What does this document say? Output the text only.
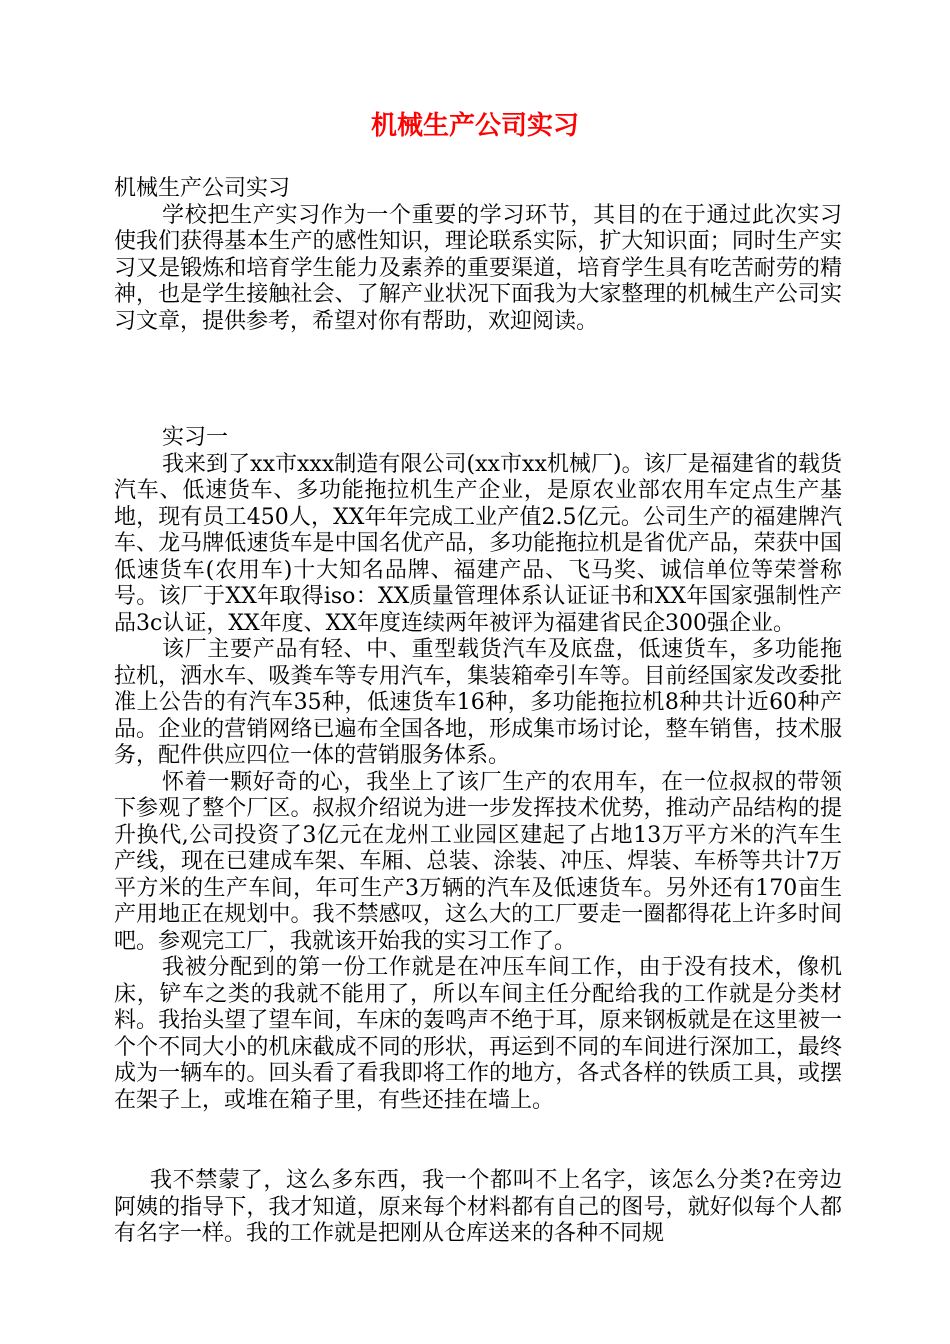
机械生产公司实习

机械生产公司实习

学校把生产实习作为一个重要的学习环节，其目的在于通过此次实习使我们获得基本生产的感性知识，理论联系实际，扩大知识面；同时生产实习又是锻炼和培育学生能力及素养的重要渠道，培育学生具有吃苦耐劳的精神，也是学生接触社会、了解产业状况下面我为大家整理的机械生产公司实习文章，提供参考，希望对你有帮助，欢迎阅读。

实习一

我来到了xx市xxx制造有限公司(xx市xx机械厂)。该厂是福建省的载货汽车、低速货车、多功能拖拉机生产企业，是原农业部农用车定点生产基地，现有员工450人，XX年年完成工业产值2.5亿元。公司生产的福建牌汽车、龙马牌低速货车是中国名优产品，多功能拖拉机是省优产品，荣获中国低速货车(农用车)十大知名品牌、福建产品、飞马奖、诚信单位等荣誉称号。该厂于XX年取得iso：XX质量管理体系认证证书和XX年国家强制性产品3c认证，XX年度、XX年度连续两年被评为福建省民企300强企业。

该厂主要产品有轻、中、重型载货汽车及底盘，低速货车，多功能拖拉机，洒水车、吸粪车等专用汽车，集装箱牵引车等。目前经国家发改委批准上公告的有汽车35种，低速货车16种，多功能拖拉机8种共计近60种产品。企业的营销网络已遍布全国各地，形成集市场讨论，整车销售，技术服务，配件供应四位一体的营销服务体系。

怀着一颗好奇的心，我坐上了该厂生产的农用车，在一位叔叔的带领下参观了整个厂区。叔叔介绍说为进一步发挥技术优势，推动产品结构的提升换代,公司投资了3亿元在龙州工业园区建起了占地13万平方米的汽车生产线，现在已建成车架、车厢、总装、涂装、冲压、焊装、车桥等共计7万平方米的生产车间，年可生产3万辆的汽车及低速货车。另外还有170亩生产用地正在规划中。我不禁感叹，这么大的工厂要走一圈都得花上许多时间吧。参观完工厂，我就该开始我的实习工作了。

我被分配到的第一份工作就是在冲压车间工作，由于没有技术，像机床，铲车之类的我就不能用了，所以车间主任分配给我的工作就是分类材料。我抬头望了望车间，车床的轰鸣声不绝于耳，原来钢板就是在这里被一个个不同大小的机床截成不同的形状，再运到不同的车间进行深加工，最终成为一辆车的。回头看了看我即将工作的地方，各式各样的铁质工具，或摆在架子上，或堆在箱子里，有些还挂在墙上。

我不禁蒙了，这么多东西，我一个都叫不上名字，该怎么分类?在旁边阿姨的指导下，我才知道，原来每个材料都有自己的图号，就好似每个人都有名字一样。我的工作就是把刚从仓库送来的各种不同规
